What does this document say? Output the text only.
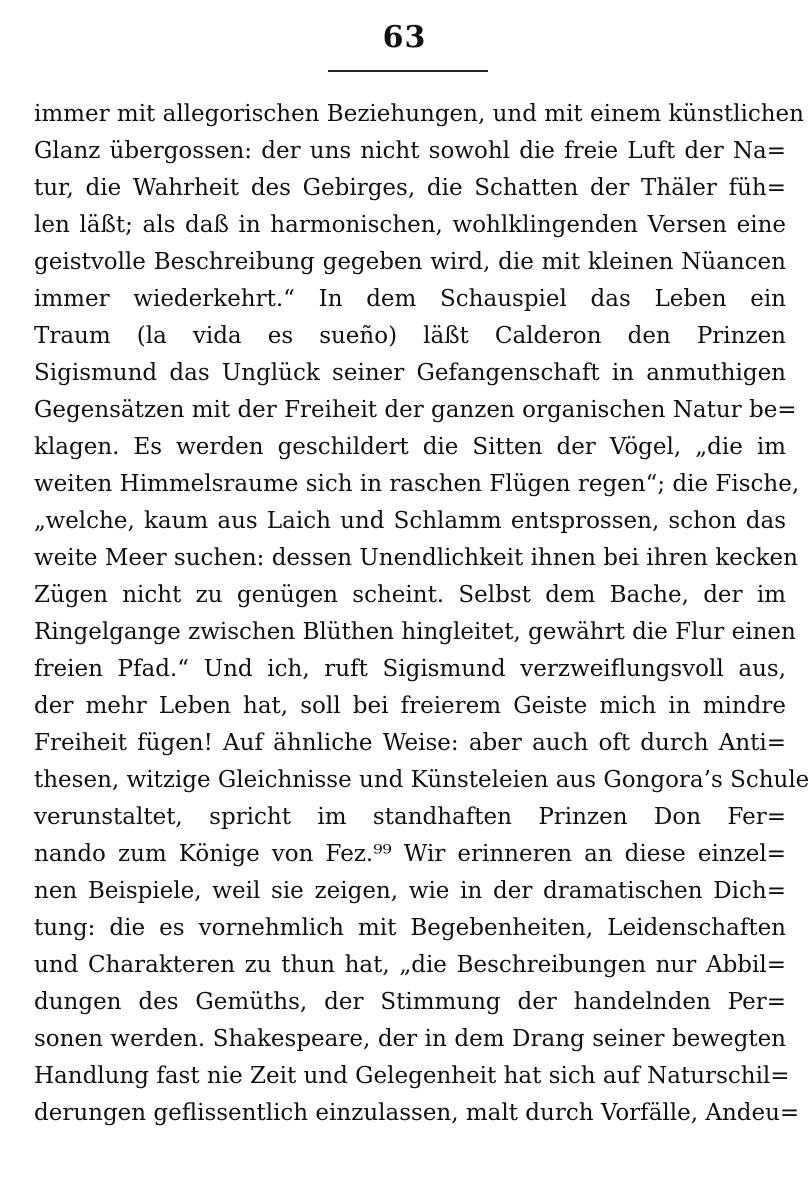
63
immer mit allegorischen Beziehungen, und mit einem künstlichen
Glanz übergossen: der uns nicht sowohl die freie Luft der Na=
tur, die Wahrheit des Gebirges, die Schatten der Thäler füh=
len läßt; als daß in harmonischen, wohlklingenden Versen eine
geistvolle Beschreibung gegeben wird, die mit kleinen Nüancen
immer wiederkehrt.“ In dem Schauspiel das Leben ein
Traum (la vida es sueño) läßt Calderon den Prinzen
Sigismund das Unglück seiner Gefangenschaft in anmuthigen
Gegensätzen mit der Freiheit der ganzen organischen Natur be=
klagen. Es werden geschildert die Sitten der Vögel, „die im
weiten Himmelsraume sich in raschen Flügen regen“; die Fische,
„welche, kaum aus Laich und Schlamm entsprossen, schon das
weite Meer suchen: dessen Unendlichkeit ihnen bei ihren kecken
Zügen nicht zu genügen scheint. Selbst dem Bache, der im
Ringelgange zwischen Blüthen hingleitet, gewährt die Flur einen
freien Pfad.“ Und ich, ruft Sigismund verzweiflungsvoll aus,
der mehr Leben hat, soll bei freierem Geiste mich in mindre
Freiheit fügen! Auf ähnliche Weise: aber auch oft durch Anti=
thesen, witzige Gleichnisse und Künsteleien aus Gongora’s Schule
verunstaltet, spricht im standhaften Prinzen Don Fer=
nando zum Könige von Fez.⁹⁹ Wir erinneren an diese einzel=
nen Beispiele, weil sie zeigen, wie in der dramatischen Dich=
tung: die es vornehmlich mit Begebenheiten, Leidenschaften
und Charakteren zu thun hat, „die Beschreibungen nur Abbil=
dungen des Gemüths, der Stimmung der handelnden Per=
sonen werden. Shakespeare, der in dem Drang seiner bewegten
Handlung fast nie Zeit und Gelegenheit hat sich auf Naturschil=
derungen geflissentlich einzulassen, malt durch Vorfälle, Andeu=
